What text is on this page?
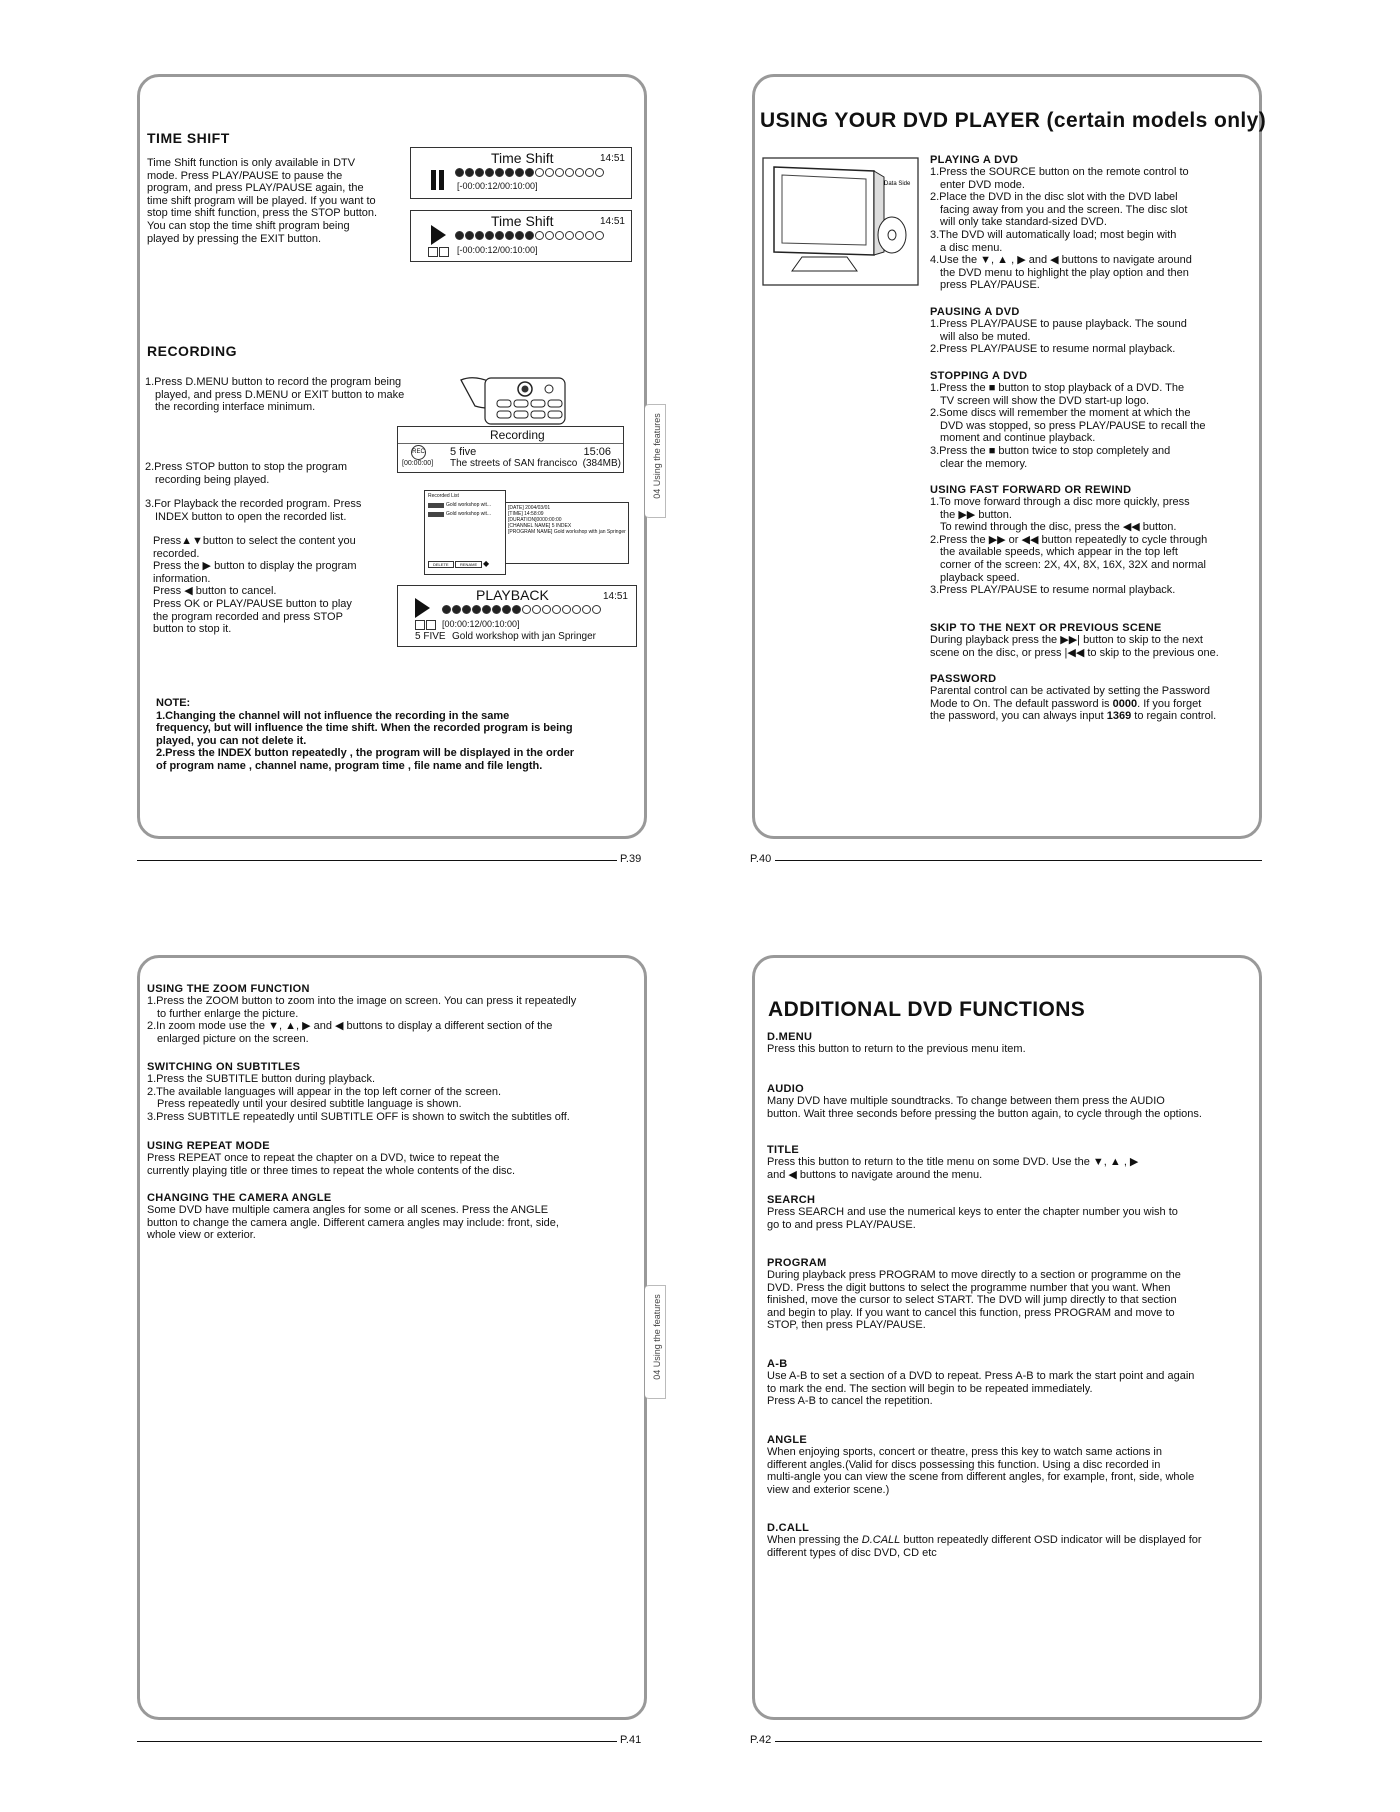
TIME SHIFT
Time Shift function is only available in DTV
mode. Press PLAY/PAUSE to pause the
program, and press PLAY/PAUSE again, the
time shift program will be played. If you want to
stop time shift function, press the STOP button.
You can stop the time shift program being
played by pressing the EXIT button.
Time Shift	14:51
[-00:00:12/00:10:00]
Time Shift	14:51
[-00:00:12/00:10:00]
RECORDING
1.Press D.MENU button to record the program being
played, and press D.MENU or EXIT button to make
the recording interface minimum.
Recording
REC 5 five	15:06
[00:00:00] The streets of SAN francisco (384MB)
2.Press STOP button to stop the program
recording being played.
3.For Playback the recorded program. Press
INDEX button to open the recorded list.
Recorded List
Gold workshop wit...
Gold workshop wit...
DELETE	RENAME ◆
[DATE] 2004/03/01
[TIME] 14:58:09
[DURATION]0000:00:00
[CHANNEL NAME] 5 INDEX
[PROGRAM NAME] Gold workshop with jan Springer
Press▲▼button to select the content you
recorded.
Press the ▶ button to display the program
information.
Press ◀ button to cancel.
Press OK or PLAY/PAUSE button to play
the program recorded and press STOP
button to stop it.
PLAYBACK	14:51
[00:00:12/00:10:00]
5 FIVE Gold workshop with jan Springer
NOTE:
1.Changing the channel will not influence the recording in the same
frequency, but will influence the time shift. When the recorded program is being
played, you can not delete it.
2.Press the INDEX button repeatedly , the program will be displayed in the order
of program name , channel name, program time , file name and file length.
04 Using the features
P.39
USING YOUR DVD PLAYER (certain models only)
Data Side
PLAYING A DVD
1.Press the SOURCE button on the remote control to
enter DVD mode.
2.Place the DVD in the disc slot with the DVD label
facing away from you and the screen. The disc slot
will only take standard-sized DVD.
3.The DVD will automatically load; most begin with
a disc menu.
4.Use the ▼, ▲ , ▶ and ◀ buttons to navigate around
the DVD menu to highlight the play option and then
press PLAY/PAUSE.
PAUSING A DVD
1.Press PLAY/PAUSE to pause playback. The sound
will also be muted.
2.Press PLAY/PAUSE to resume normal playback.
STOPPING A DVD
1.Press the ■ button to stop playback of a DVD. The
TV screen will show the DVD start-up logo.
2.Some discs will remember the moment at which the
DVD was stopped, so press PLAY/PAUSE to recall the
moment and continue playback.
3.Press the ■ button twice to stop completely and
clear the memory.
USING FAST FORWARD OR REWIND
1.To move forward through a disc more quickly, press
the ▶▶ button.
To rewind through the disc, press the ◀◀ button.
2.Press the ▶▶ or ◀◀ button repeatedly to cycle through
the available speeds, which appear in the top left
corner of the screen: 2X, 4X, 8X, 16X, 32X and normal
playback speed.
3.Press PLAY/PAUSE to resume normal playback.
SKIP TO THE NEXT OR PREVIOUS SCENE
During playback press the ▶▶| button to skip to the next
scene on the disc, or press |◀◀ to skip to the previous one.
PASSWORD
Parental control can be activated by setting the Password
Mode to On. The default password is 0000. If you forget
the password, you can always input 1369 to regain control.
P.40
USING THE ZOOM FUNCTION
1.Press the ZOOM button to zoom into the image on screen. You can press it repeatedly
to further enlarge the picture.
2.In zoom mode use the ▼, ▲, ▶ and ◀ buttons to display a different section of the
enlarged picture on the screen.
SWITCHING ON SUBTITLES
1.Press the SUBTITLE button during playback.
2.The available languages will appear in the top left corner of the screen.
Press repeatedly until your desired subtitle language is shown.
3.Press SUBTITLE repeatedly until SUBTITLE OFF is shown to switch the subtitles off.
USING REPEAT MODE
Press REPEAT once to repeat the chapter on a DVD, twice to repeat the
currently playing title or three times to repeat the whole contents of the disc.
CHANGING THE CAMERA ANGLE
Some DVD have multiple camera angles for some or all scenes. Press the ANGLE
button to change the camera angle. Different camera angles may include: front, side,
whole view or exterior.
04 Using the features
P.41
ADDITIONAL DVD FUNCTIONS
D.MENU
Press this button to return to the previous menu item.
AUDIO
Many DVD have multiple soundtracks. To change between them press the AUDIO
button. Wait three seconds before pressing the button again, to cycle through the options.
TITLE
Press this button to return to the title menu on some DVD. Use the ▼, ▲ , ▶
and ◀ buttons to navigate around the menu.
SEARCH
Press SEARCH and use the numerical keys to enter the chapter number you wish to
go to and press PLAY/PAUSE.
PROGRAM
During playback press PROGRAM to move directly to a section or programme on the
DVD. Press the digit buttons to select the programme number that you want. When
finished, move the cursor to select START. The DVD will jump directly to that section
and begin to play. If you want to cancel this function, press PROGRAM and move to
STOP, then press PLAY/PAUSE.
A-B
Use A-B to set a section of a DVD to repeat. Press A-B to mark the start point and again
to mark the end. The section will begin to be repeated immediately.
Press A-B to cancel the repetition.
ANGLE
When enjoying sports, concert or theatre, press this key to watch same actions in
different angles.(Valid for discs possessing this function. Using a disc recorded in
multi-angle you can view the scene from different angles, for example, front, side, whole
view and exterior scene.)
D.CALL
When pressing the D.CALL button repeatedly different OSD indicator will be displayed for
different types of disc DVD, CD etc
P.42
